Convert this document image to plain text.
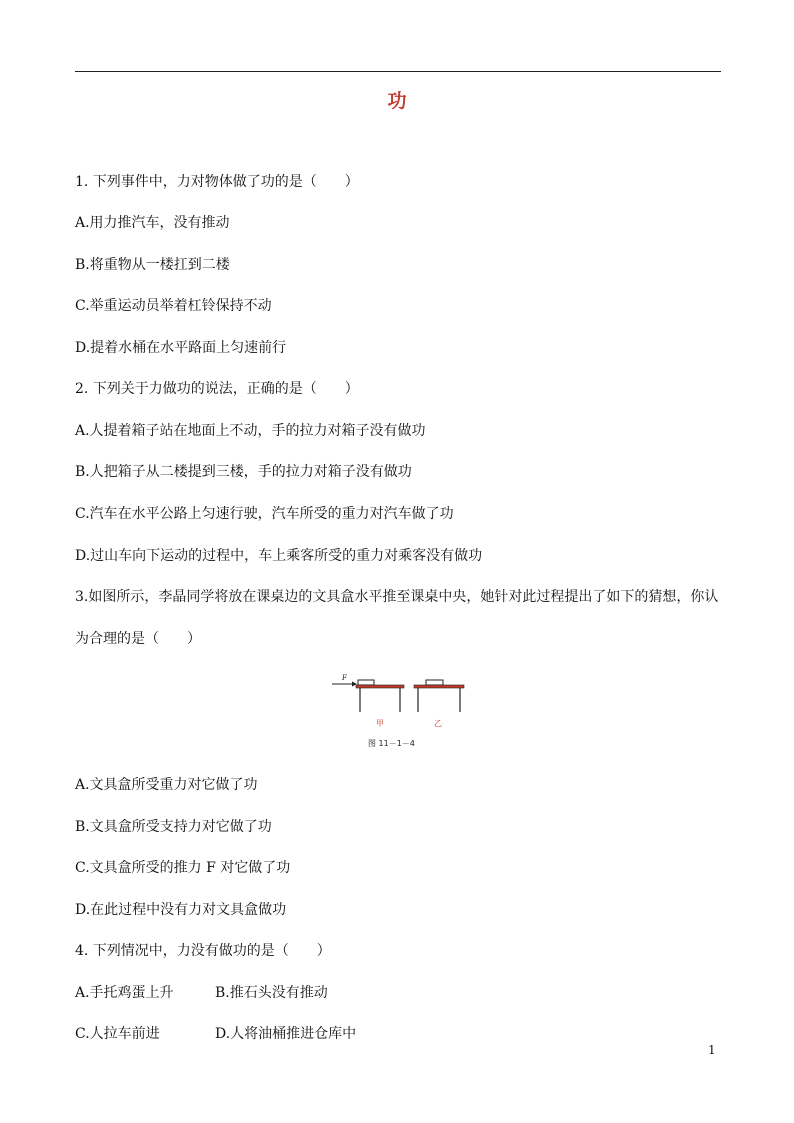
功
1. 下列事件中，力对物体做了功的是（　　）
A.用力推汽车，没有推动
B.将重物从一楼扛到二楼
C.举重运动员举着杠铃保持不动
D.提着水桶在水平路面上匀速前行
2. 下列关于力做功的说法，正确的是（　　）
A.人提着箱子站在地面上不动，手的拉力对箱子没有做功
B.人把箱子从二楼提到三楼，手的拉力对箱子没有做功
C.汽车在水平公路上匀速行驶，汽车所受的重力对汽车做了功
D.过山车向下运动的过程中，车上乘客所受的重力对乘客没有做功
3.如图所示，李晶同学将放在课桌边的文具盒水平推至课桌中央，她针对此过程提出了如下的猜想，你认
为合理的是（　　）
F
甲	乙
图 11－1－4
A.文具盒所受重力对它做了功
B.文具盒所受支持力对它做了功
C.文具盒所受的推力 F 对它做了功
D.在此过程中没有力对文具盒做功
4. 下列情况中，力没有做功的是（　　）
A.手托鸡蛋上升	B.推石头没有推动
C.人拉车前进	D.人将油桶推进仓库中
1
